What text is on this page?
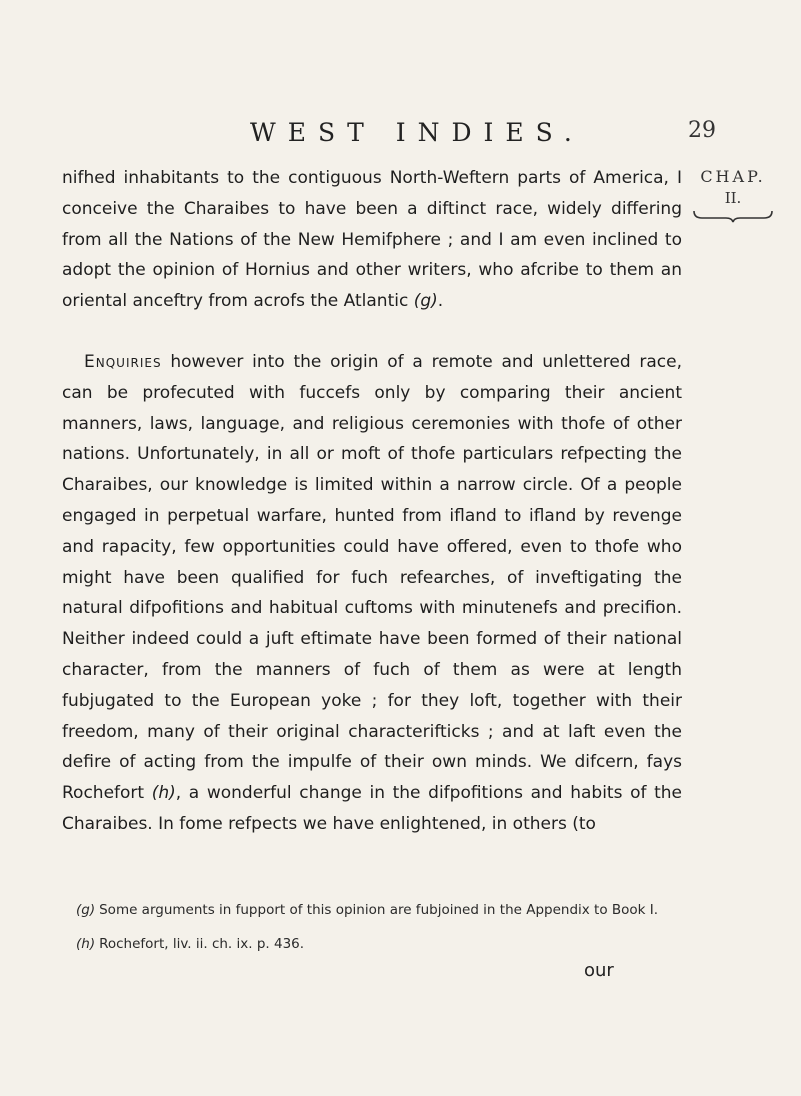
WEST INDIES.	29
CHAP.
II.

nifhed inhabitants to the contiguous North-Weftern parts of America, I conceive the Charaibes to have been a diftinct race, widely differing from all the Nations of the New Hemifphere ; and I am even inclined to adopt the opinion of Hornius and other writers, who afcribe to them an oriental anceftry from acrofs the Atlantic (g).

Enquiries however into the origin of a remote and unlettered race, can be profecuted with fuccefs only by comparing their ancient manners, laws, language, and religious ceremonies with thofe of other nations. Unfortunately, in all or moft of thofe particulars refpecting the Charaibes, our knowledge is limited within a narrow circle. Of a people engaged in perpetual warfare, hunted from ifland to ifland by revenge and rapacity, few opportunities could have offered, even to thofe who might have been qualified for fuch refearches, of inveftigating the natural difpofitions and habitual cuftoms with minutenefs and precifion. Neither indeed could a juft eftimate have been formed of their national character, from the manners of fuch of them as were at length fubjugated to the European yoke ; for they loft, together with their freedom, many of their original characterifticks ; and at laft even the defire of acting from the impulfe of their own minds. We difcern, fays Rochefort (h), a wonderful change in the difpofitions and habits of the Charaibes. In fome refpects we have enlightened, in others (to

(g) Some arguments in fupport of this opinion are fubjoined in the Appendix to Book I.

(h) Rochefort, liv. ii. ch. ix. p. 436.

our
